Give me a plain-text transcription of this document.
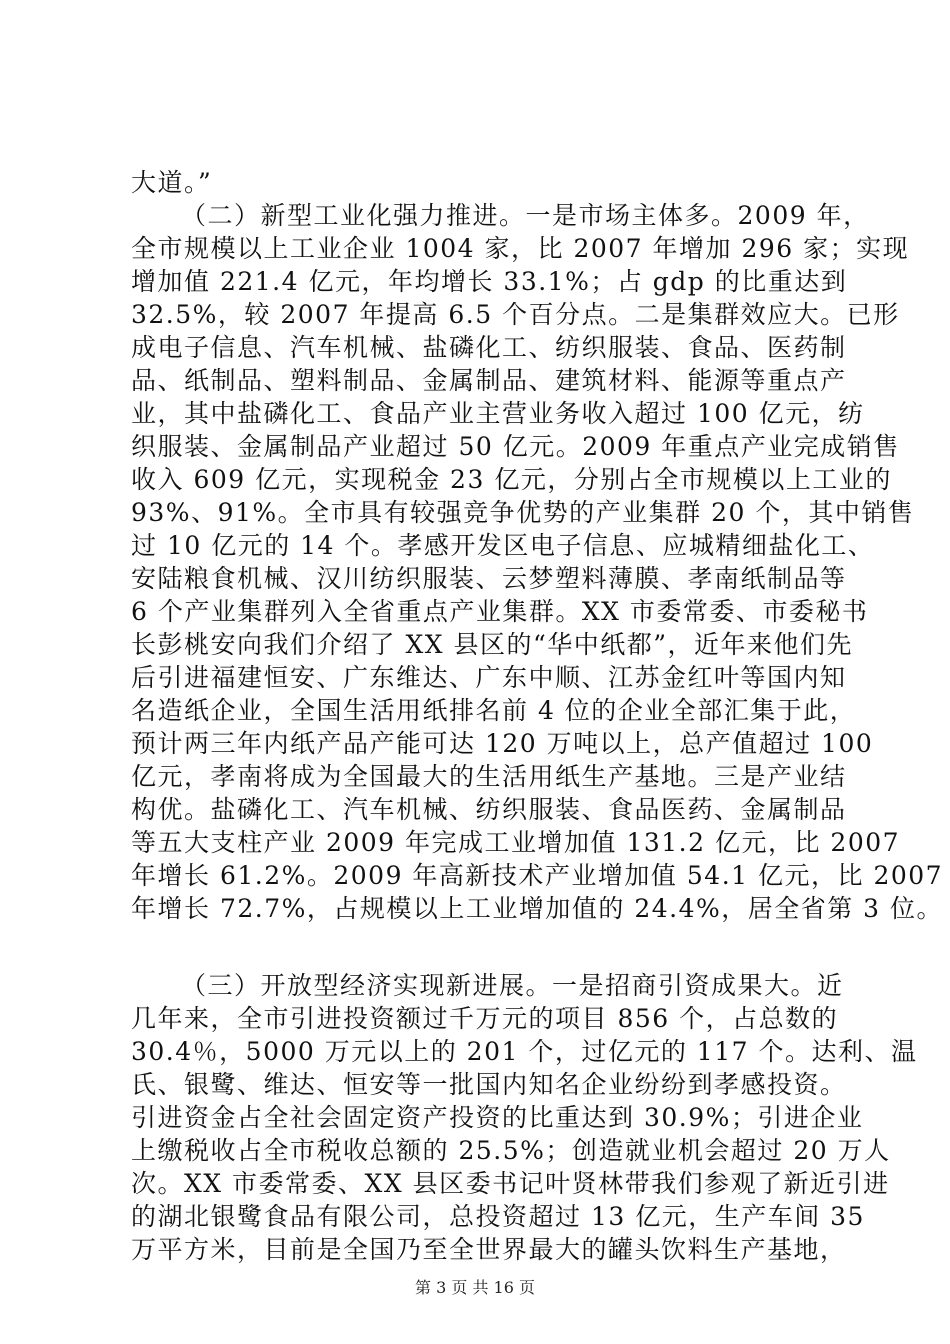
大道。”
（二）新型工业化强力推进。一是市场主体多。2009 年，
全市规模以上工业企业 1004 家，比 2007 年增加 296 家；实现
增加值 221.4 亿元，年均增长 33.1%；占 gdp 的比重达到
32.5%，较 2007 年提高 6.5 个百分点。二是集群效应大。已形
成电子信息、汽车机械、盐磷化工、纺织服装、食品、医药制
品、纸制品、塑料制品、金属制品、建筑材料、能源等重点产
业，其中盐磷化工、食品产业主营业务收入超过 100 亿元，纺
织服装、金属制品产业超过 50 亿元。2009 年重点产业完成销售
收入 609 亿元，实现税金 23 亿元，分别占全市规模以上工业的
93%、91%。全市具有较强竞争优势的产业集群 20 个，其中销售
过 10 亿元的 14 个。孝感开发区电子信息、应城精细盐化工、
安陆粮食机械、汉川纺织服装、云梦塑料薄膜、孝南纸制品等
6 个产业集群列入全省重点产业集群。XX 市委常委、市委秘书
长彭桃安向我们介绍了 XX 县区的“华中纸都”，近年来他们先
后引进福建恒安、广东维达、广东中顺、江苏金红叶等国内知
名造纸企业，全国生活用纸排名前 4 位的企业全部汇集于此，
预计两三年内纸产品产能可达 120 万吨以上，总产值超过 100
亿元，孝南将成为全国最大的生活用纸生产基地。三是产业结
构优。盐磷化工、汽车机械、纺织服装、食品医药、金属制品
等五大支柱产业 2009 年完成工业增加值 131.2 亿元，比 2007
年增长 61.2%。2009 年高新技术产业增加值 54.1 亿元，比 2007
年增长 72.7%，占规模以上工业增加值的 24.4%，居全省第 3 位。
（三）开放型经济实现新进展。一是招商引资成果大。近
几年来，全市引进投资额过千万元的项目 856 个，占总数的
30.4％，5000 万元以上的 201 个，过亿元的 117 个。达利、温
氏、银鹭、维达、恒安等一批国内知名企业纷纷到孝感投资。
引进资金占全社会固定资产投资的比重达到 30.9%；引进企业
上缴税收占全市税收总额的 25.5%；创造就业机会超过 20 万人
次。XX 市委常委、XX 县区委书记叶贤林带我们参观了新近引进
的湖北银鹭食品有限公司，总投资超过 13 亿元，生产车间 35
万平方米，目前是全国乃至全世界最大的罐头饮料生产基地，
第 3 页 共 16 页
